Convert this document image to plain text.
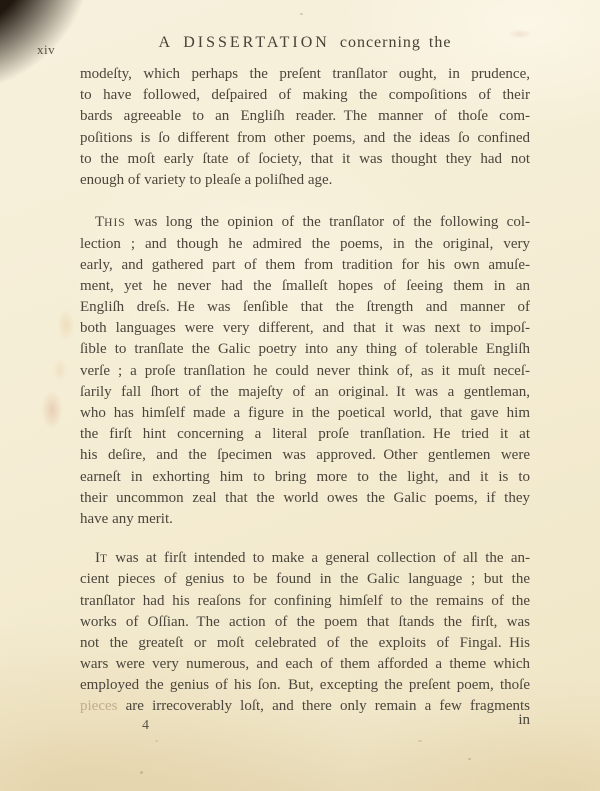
xiv	A DISSERTATION concerning the
modeſty, which perhaps the preſent tranſlator ought, in prudence,
to have followed, deſpaired of making the compoſitions of their
bards agreeable to an Engliſh reader. The manner of thoſe com-
poſitions is ſo different from other poems, and the ideas ſo confined
to the moſt early ſtate of ſociety, that it was thought they had not
enough of variety to pleaſe a poliſhed age.
THIS was long the opinion of the tranſlator of the following col-
lection ; and though he admired the poems, in the original, very
early, and gathered part of them from tradition for his own amuſe-
ment, yet he never had the ſmalleſt hopes of ſeeing them in an
Engliſh dreſs. He was ſenſible that the ſtrength and manner of
both languages were very different, and that it was next to impoſ-
ſible to tranſlate the Galic poetry into any thing of tolerable Engliſh
verſe ; a proſe tranſlation he could never think of, as it muſt neceſ-
ſarily fall ſhort of the majeſty of an original. It was a gentleman,
who has himſelf made a figure in the poetical world, that gave him
the firſt hint concerning a literal proſe tranſlation. He tried it at
his deſire, and the ſpecimen was approved. Other gentlemen were
earneſt in exhorting him to bring more to the light, and it is to
their uncommon zeal that the world owes the Galic poems, if they
have any merit.
IT was at firſt intended to make a general collection of all the an-
cient pieces of genius to be found in the Galic language ; but the
tranſlator had his reaſons for confining himſelf to the remains of the
works of Oſſian. The action of the poem that ſtands the firſt, was
not the greateſt or moſt celebrated of the exploits of Fingal. His
wars were very numerous, and each of them afforded a theme which
employed the genius of his ſon. But, excepting the preſent poem, thoſe
pieces are irrecoverably loſt, and there only remain a few fragments
4	in
